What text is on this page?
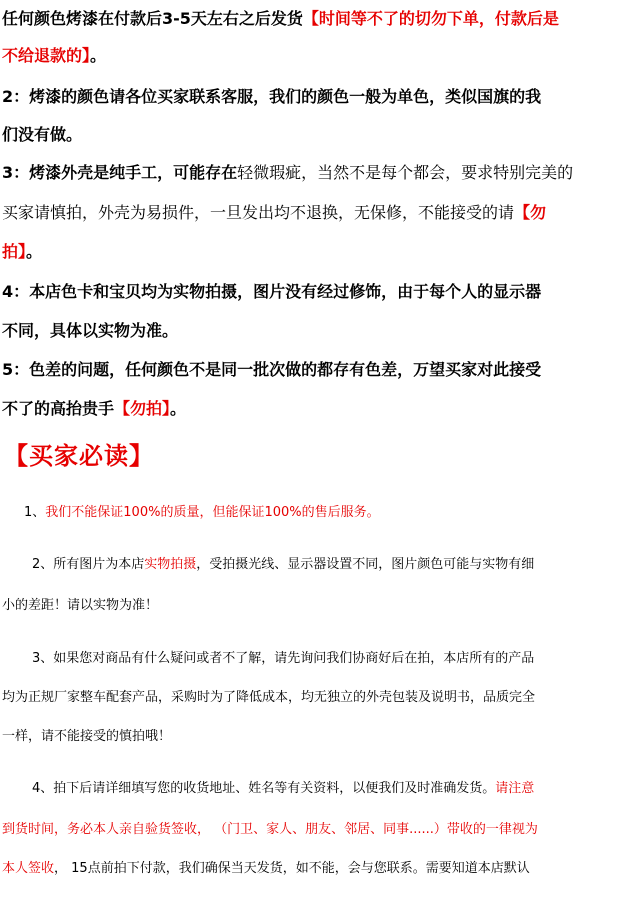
任何颜色烤漆在付款后3-5天左右之后发货【时间等不了的切勿下单，付款后是
不给退款的】。
2：烤漆的颜色请各位买家联系客服，我们的颜色一般为单色，类似国旗的我
们没有做。
3：烤漆外壳是纯手工，可能存在轻微瑕疵，当然不是每个都会，要求特别完美的
买家请慎拍，外壳为易损件，一旦发出均不退换，无保修，不能接受的请【勿
拍】。
4：本店色卡和宝贝均为实物拍摄，图片没有经过修饰，由于每个人的显示器
不同，具体以实物为准。
5：色差的问题，任何颜色不是同一批次做的都存有色差，万望买家对此接受
不了的高抬贵手【勿拍】。
【买家必读】
1、我们不能保证100%的质量，但能保证100%的售后服务。
2、所有图片为本店实物拍摄，受拍摄光线、显示器设置不同，图片颜色可能与实物有细
小的差距！请以实物为准！
3、如果您对商品有什么疑问或者不了解，请先询问我们协商好后在拍，本店所有的产品
均为正规厂家整车配套产品，采购时为了降低成本，均无独立的外壳包装及说明书，品质完全
一样，请不能接受的慎拍哦！
4、拍下后请详细填写您的收货地址、姓名等有关资料，以便我们及时准确发货。请注意
到货时间，务必本人亲自验货签收， （门卫、家人、朋友、邻居、同事......）带收的一律视为
本人签收， 15点前拍下付款，我们确保当天发货，如不能，会与您联系。需要知道本店默认
